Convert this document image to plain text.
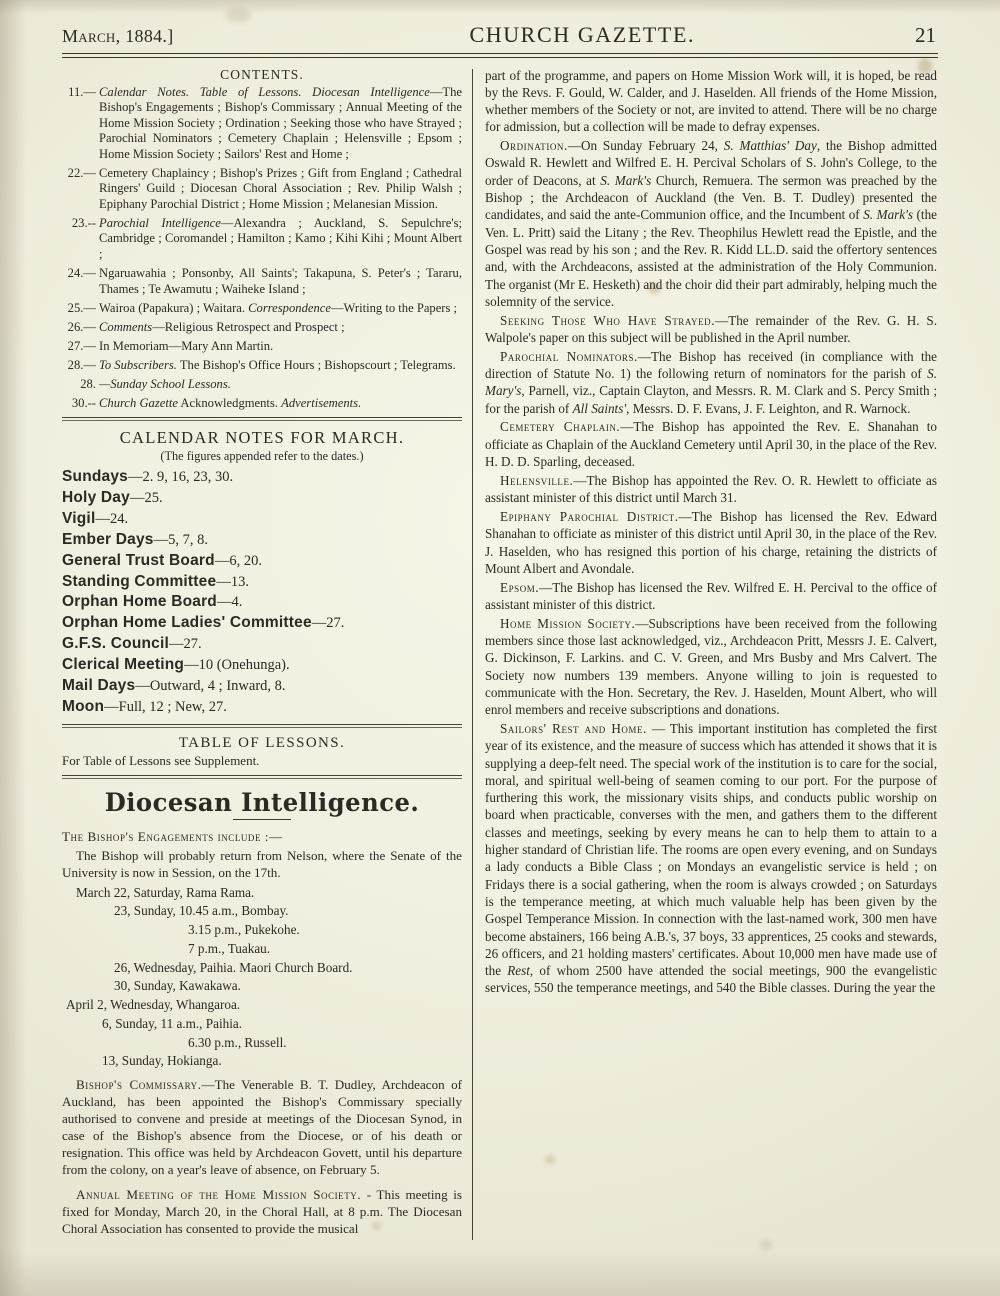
March, 1884.]	CHURCH GAZETTE.	21
CONTENTS.
11.— Calendar Notes. Table of Lessons. Diocesan Intelligence—The Bishop's Engagements ; Bishop's Commissary ; Annual Meeting of the Home Mission Society ; Ordination ; Seeking those who have Strayed ; Parochial Nominators ; Cemetery Chaplain ; Helensville ; Epsom ; Home Mission Society ; Sailors' Rest and Home ;
22.— Cemetery Chaplaincy ; Bishop's Prizes ; Gift from England ; Cathedral Ringers' Guild ; Diocesan Choral Association ; Rev. Philip Walsh ; Epiphany Parochial District ; Home Mission ; Melanesian Mission.
23.-- Parochial Intelligence—Alexandra ; Auckland, S. Sepulchre's; Cambridge ; Coromandel ; Hamilton ; Kamo ; Kihi Kihi ; Mount Albert ;
24.— Ngaruawahia ; Ponsonby, All Saints'; Takapuna, S. Peter's ; Tararu, Thames ; Te Awamutu ; Waiheke Island ;
25.— Wairoa (Papakura) ; Waitara. Correspondence—Writing to the Papers ;
26.— Comments—Religious Retrospect and Prospect ;
27.— In Memoriam—Mary Ann Martin.
28.— To Subscribers. The Bishop's Office Hours ; Bishopscourt ; Telegrams.
28. —Sunday School Lessons.
30.-- Church Gazette Acknowledgments. Advertisements.
CALENDAR NOTES FOR MARCH.
(The figures appended refer to the dates.)
Sundays—2. 9, 16, 23, 30.
Holy Day—25.
Vigil—24.
Ember Days—5, 7, 8.
General Trust Board—6, 20.
Standing Committee—13.
Orphan Home Board—4.
Orphan Home Ladies' Committee—27.
G.F.S. Council—27.
Clerical Meeting—10 (Onehunga).
Mail Days—Outward, 4 ; Inward, 8.
Moon—Full, 12 ; New, 27.
TABLE OF LESSONS.
For Table of Lessons see Supplement.
Diocesan Intelligence.

The Bishop's Engagements include :—

The Bishop will probably return from Nelson, where the Senate of the University is now in Session, on the 17th.

March 22, Saturday, Rama Rama.

23, Sunday, 10.45 a.m., Bombay.

3.15 p.m., Pukekohe.

7 p.m., Tuakau.

26, Wednesday, Paihia. Maori Church Board.

30, Sunday, Kawakawa.

April 2, Wednesday, Whangaroa.

6, Sunday, 11 a.m., Paihia.

6.30 p.m., Russell.

13, Sunday, Hokianga.

Bishop's Commissary.—The Venerable B. T. Dudley, Archdeacon of Auckland, has been appointed the Bishop's Commissary specially authorised to convene and preside at meetings of the Diocesan Synod, in case of the Bishop's absence from the Diocese, or of his death or resignation. This office was held by Archdeacon Govett, until his departure from the colony, on a year's leave of absence, on February 5.

Annual Meeting of the Home Mission Society. - This meeting is fixed for Monday, March 20, in the Choral Hall, at 8 p.m. The Diocesan Choral Association has consented to provide the musical

part of the programme, and papers on Home Mission Work will, it is hoped, be read by the Revs. F. Gould, W. Calder, and J. Haselden. All friends of the Home Mission, whether members of the Society or not, are invited to attend. There will be no charge for admission, but a collection will be made to defray expenses.

Ordination.—On Sunday February 24, S. Matthias' Day, the Bishop admitted Oswald R. Hewlett and Wilfred E. H. Percival Scholars of S. John's College, to the order of Deacons, at S. Mark's Church, Remuera. The sermon was preached by the Bishop ; the Archdeacon of Auckland (the Ven. B. T. Dudley) presented the candidates, and said the ante-Communion office, and the Incumbent of S. Mark's (the Ven. L. Pritt) said the Litany ; the Rev. Theophilus Hewlett read the Epistle, and the Gospel was read by his son ; and the Rev. R. Kidd LL.D. said the offertory sentences and, with the Archdeacons, assisted at the administration of the Holy Communion. The organist (Mr E. Hesketh) and the choir did their part admirably, helping much the solemnity of the service.

Seeking Those Who Have Strayed.—The remainder of the Rev. G. H. S. Walpole's paper on this subject will be published in the April number.

Parochial Nominators.—The Bishop has received (in compliance with the direction of Statute No. 1) the following return of nominators for the parish of S. Mary's, Parnell, viz., Captain Clayton, and Messrs. R. M. Clark and S. Percy Smith ; for the parish of All Saints', Messrs. D. F. Evans, J. F. Leighton, and R. Warnock.

Cemetery Chaplain.—The Bishop has appointed the Rev. E. Shanahan to officiate as Chaplain of the Auckland Cemetery until April 30, in the place of the Rev. H. D. D. Sparling, deceased.

Helensville.—The Bishop has appointed the Rev. O. R. Hewlett to officiate as assistant minister of this district until March 31.

Epiphany Parochial District.—The Bishop has licensed the Rev. Edward Shanahan to officiate as minister of this district until April 30, in the place of the Rev. J. Haselden, who has resigned this portion of his charge, retaining the districts of Mount Albert and Avondale.

Epsom.—The Bishop has licensed the Rev. Wilfred E. H. Percival to the office of assistant minister of this district.

Home Mission Society.—Subscriptions have been received from the following members since those last acknowledged, viz., Archdeacon Pritt, Messrs J. E. Calvert, G. Dickinson, F. Larkins. and C. V. Green, and Mrs Busby and Mrs Calvert. The Society now numbers 139 members. Anyone willing to join is requested to communicate with the Hon. Secretary, the Rev. J. Haselden, Mount Albert, who will enrol members and receive subscriptions and donations.

Sailors' Rest and Home. — This important institution has completed the first year of its existence, and the measure of success which has attended it shows that it is supplying a deep-felt need. The special work of the institution is to care for the social, moral, and spiritual well-being of seamen coming to our port. For the purpose of furthering this work, the missionary visits ships, and conducts public worship on board when practicable, converses with the men, and gathers them to the different classes and meetings, seeking by every means he can to help them to attain to a higher standard of Christian life. The rooms are open every evening, and on Sundays a lady conducts a Bible Class ; on Mondays an evangelistic service is held ; on Fridays there is a social gathering, when the room is always crowded ; on Saturdays is the temperance meeting, at which much valuable help has been given by the Gospel Temperance Mission. In connection with the last-named work, 300 men have become abstainers, 166 being A.B.'s, 37 boys, 33 apprentices, 25 cooks and stewards, 26 officers, and 21 holding masters' certificates. About 10,000 men have made use of the Rest, of whom 2500 have attended the social meetings, 900 the evangelistic services, 550 the temperance meetings, and 540 the Bible classes. During the year the
